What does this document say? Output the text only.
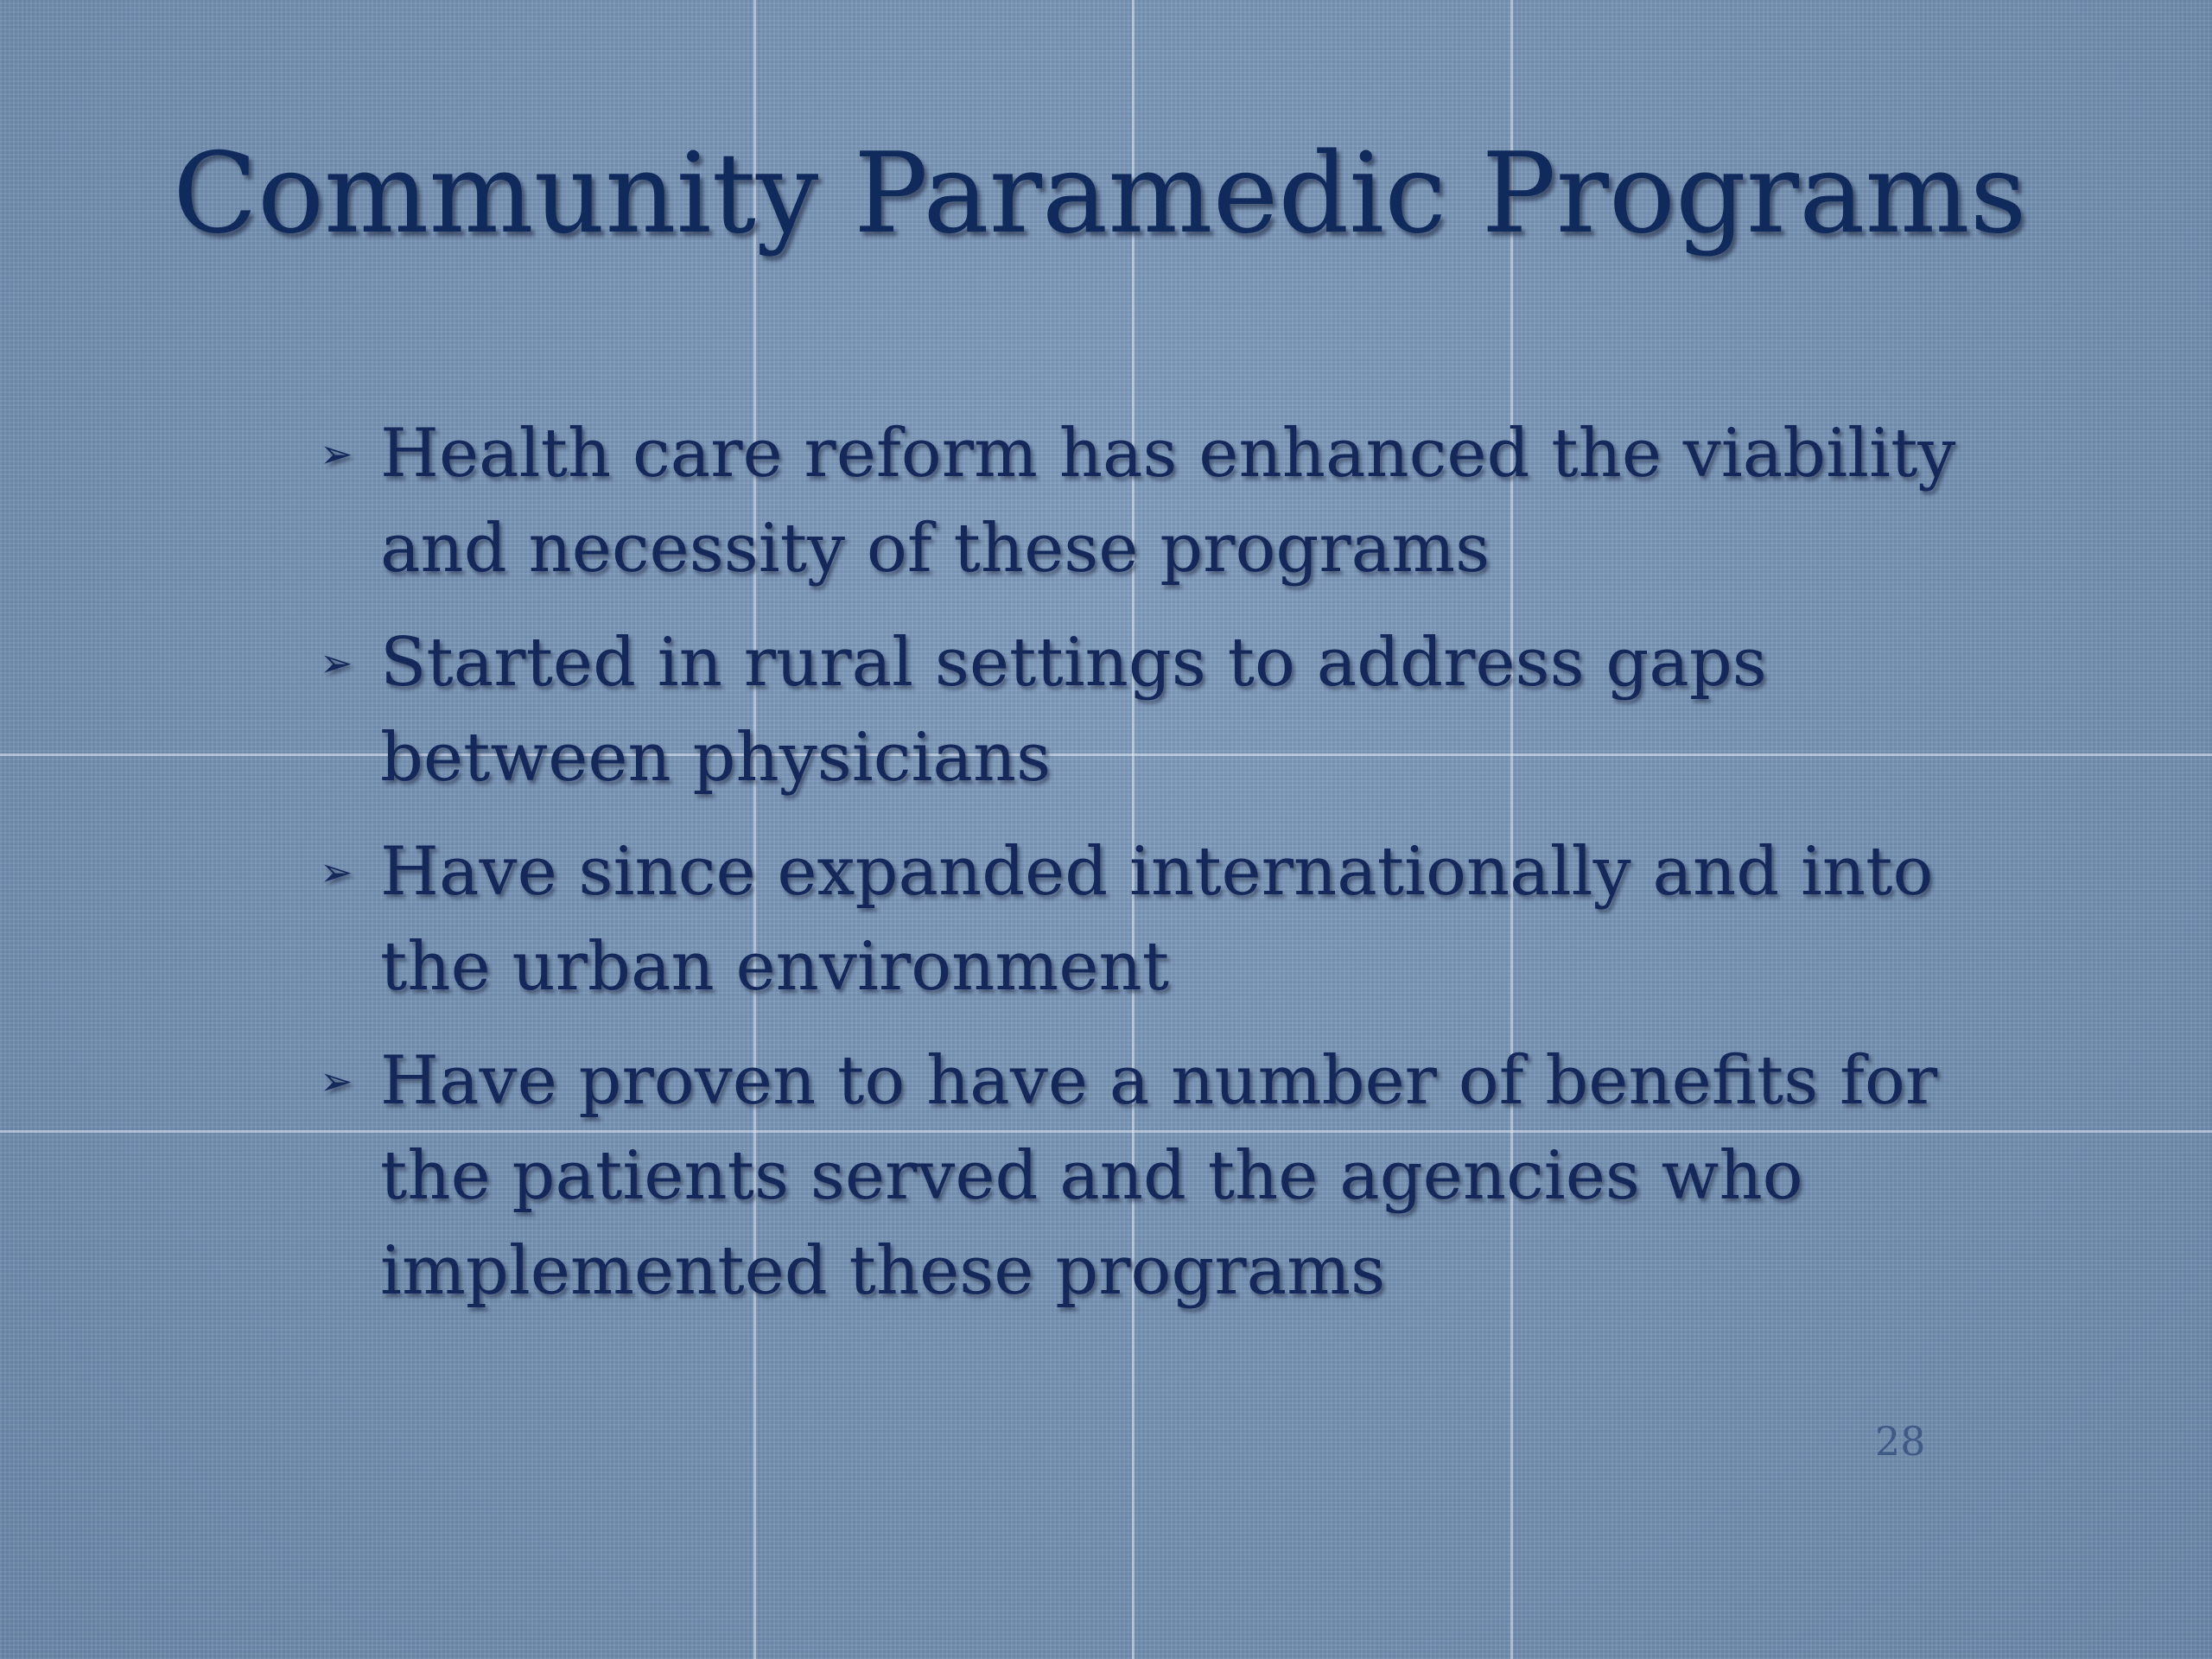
Community Paramedic Programs
➢ Health care reform has enhanced the viability and necessity of these programs
➢ Started in rural settings to address gaps between physicians
➢ Have since expanded internationally and into the urban environment
➢ Have proven to have a number of benefits for the patients served and the agencies who implemented these programs
28
